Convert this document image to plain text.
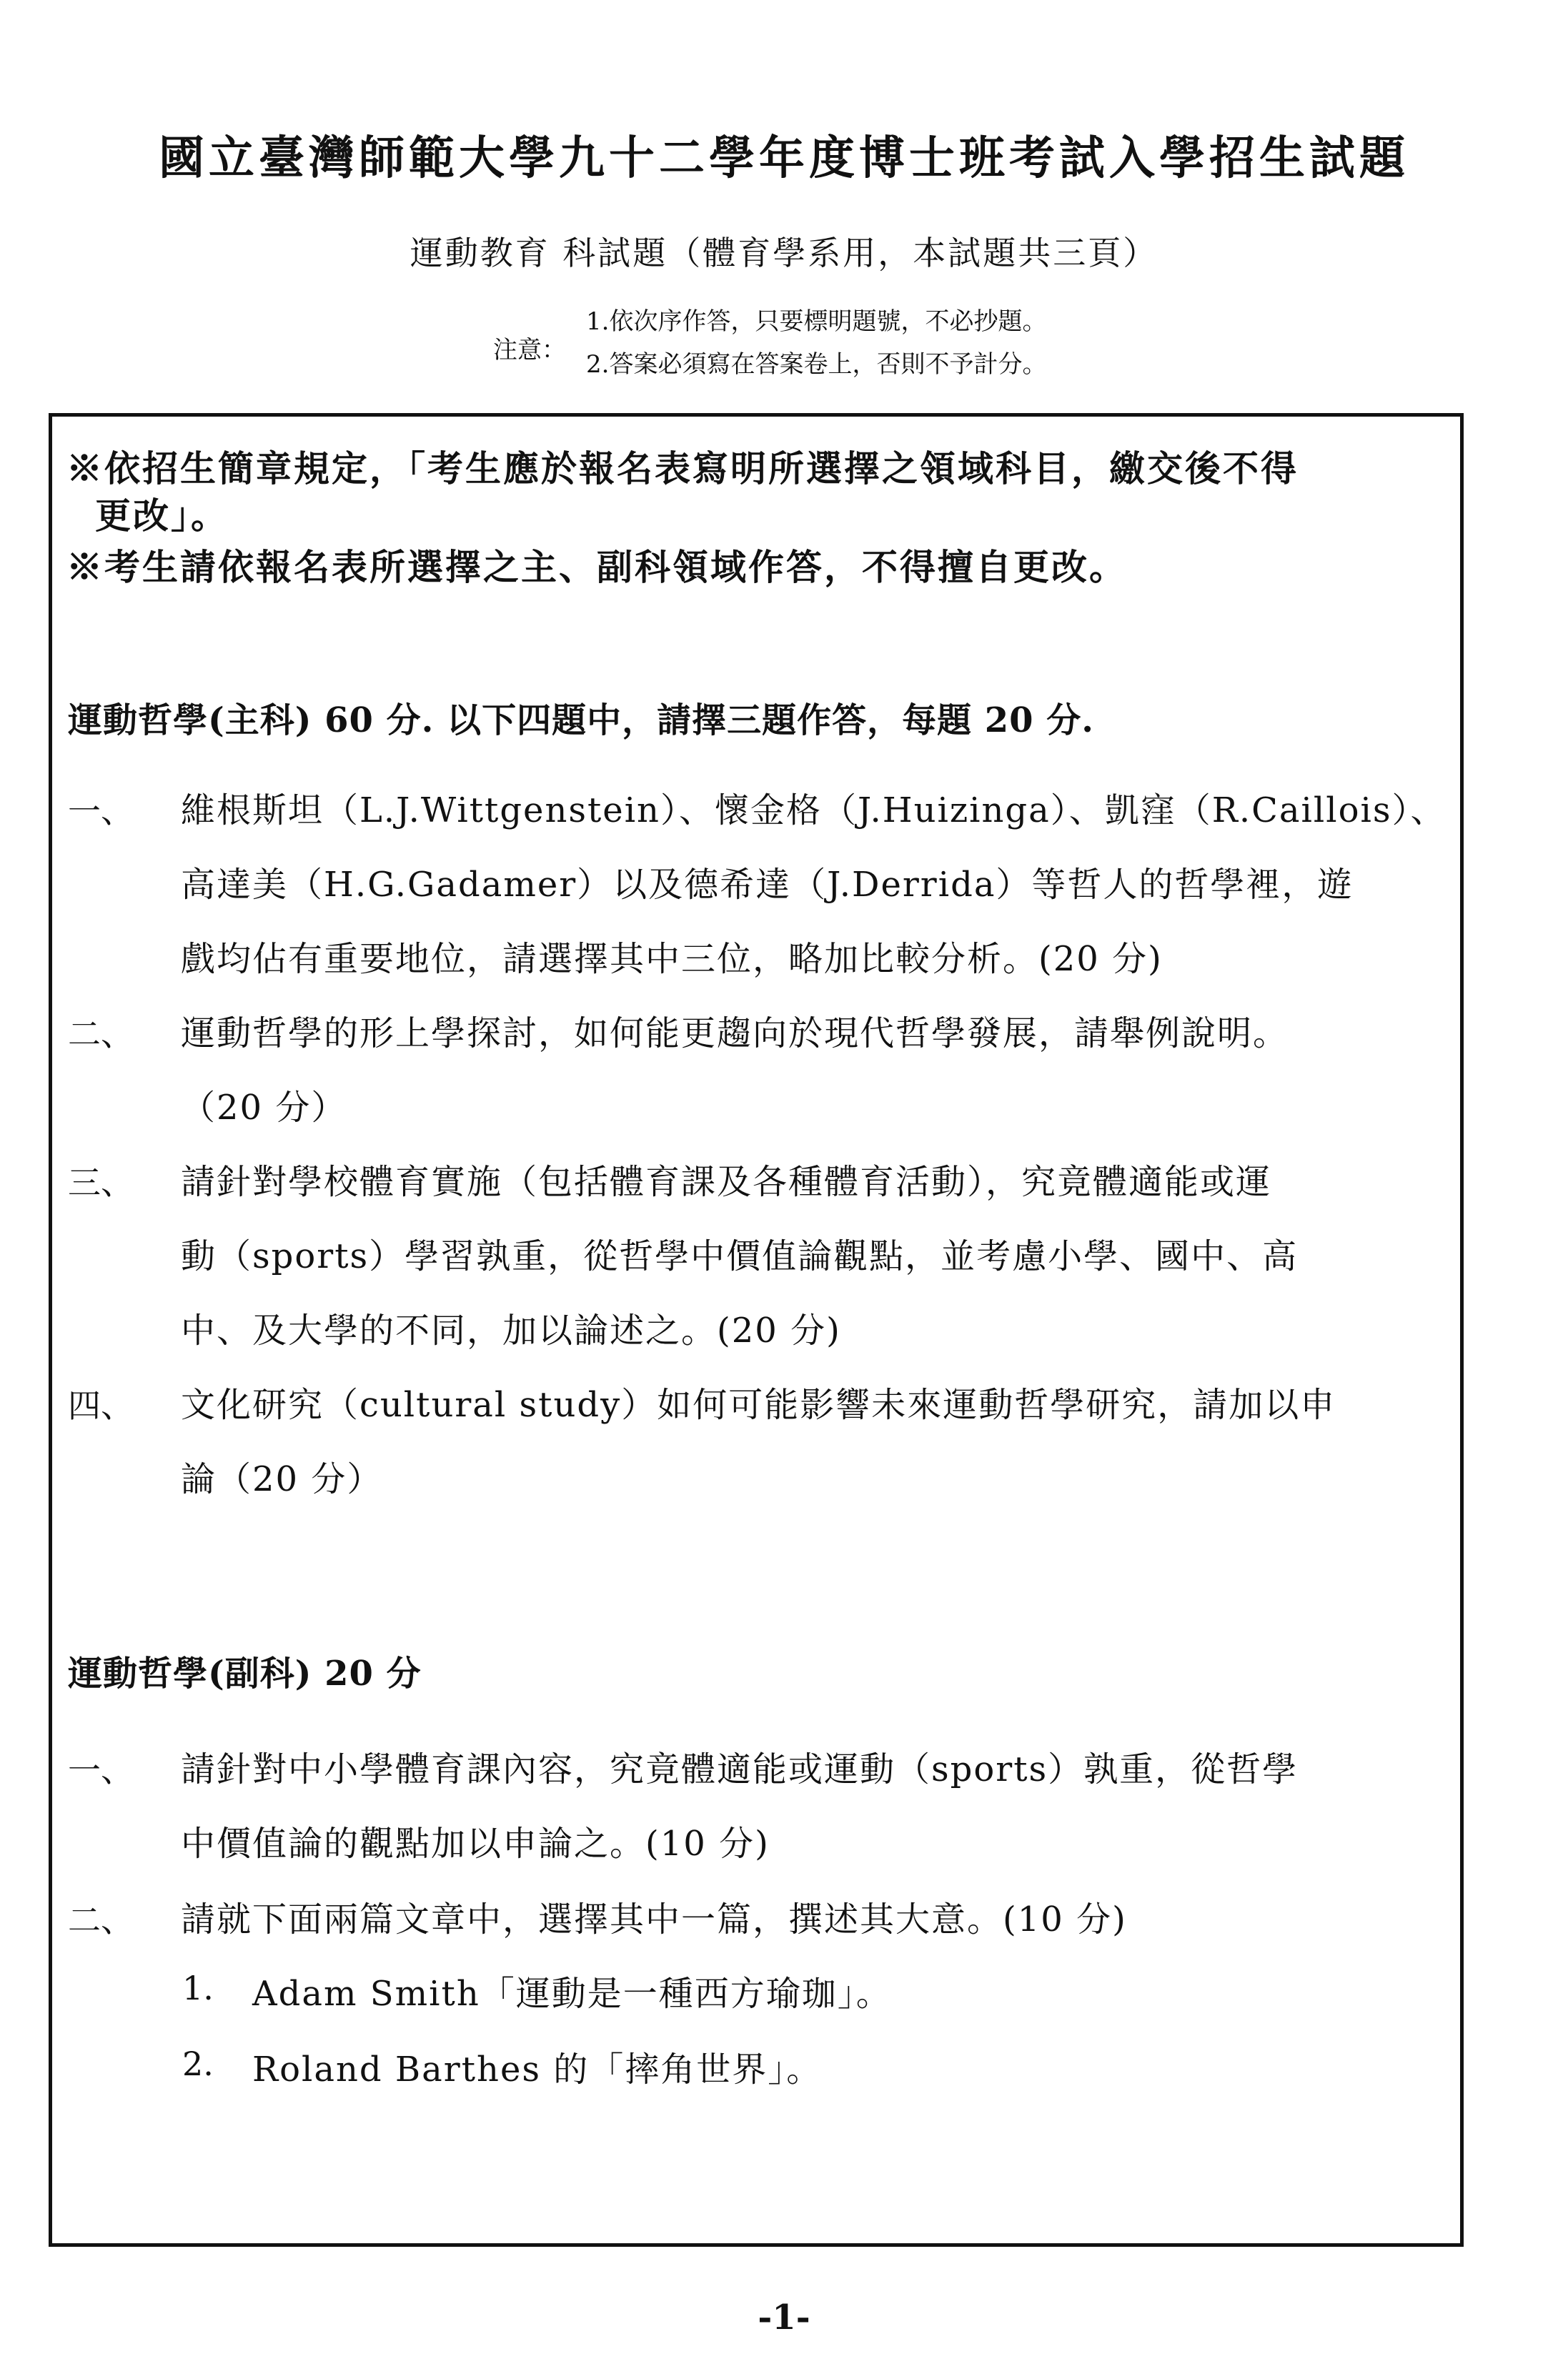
國立臺灣師範大學九十二學年度博士班考試入學招生試題
運動教育 科試題（體育學系用，本試題共三頁）
注意：
1.依次序作答，只要標明題號，不必抄題。
2.答案必須寫在答案卷上，否則不予計分。
※依招生簡章規定，「考生應於報名表寫明所選擇之領域科目，繳交後不得
更改」。
※考生請依報名表所選擇之主、副科領域作答，不得擅自更改。
運動哲學(主科) 60 分. 以下四題中，請擇三題作答，每題 20 分.
一、 維根斯坦（L.J.Wittgenstein）、懷金格（J.Huizinga）、凱窪（R.Caillois）、
高達美（H.G.Gadamer）以及德希達（J.Derrida）等哲人的哲學裡，遊
戲均佔有重要地位，請選擇其中三位，略加比較分析。(20 分)
二、 運動哲學的形上學探討，如何能更趨向於現代哲學發展，請舉例說明。
（20 分）
三、 請針對學校體育實施（包括體育課及各種體育活動），究竟體適能或運
動（sports）學習孰重，從哲學中價值論觀點，並考慮小學、國中、高
中、及大學的不同，加以論述之。(20 分)
四、 文化研究（cultural study）如何可能影響未來運動哲學研究，請加以申
論（20 分）
運動哲學(副科) 20 分
一、 請針對中小學體育課內容，究竟體適能或運動（sports）孰重，從哲學
中價值論的觀點加以申論之。(10 分)
二、 請就下面兩篇文章中，選擇其中一篇，撰述其大意。(10 分)
1. Adam Smith「運動是一種西方瑜珈」。
2. Roland Barthes 的「摔角世界」。
-1-
